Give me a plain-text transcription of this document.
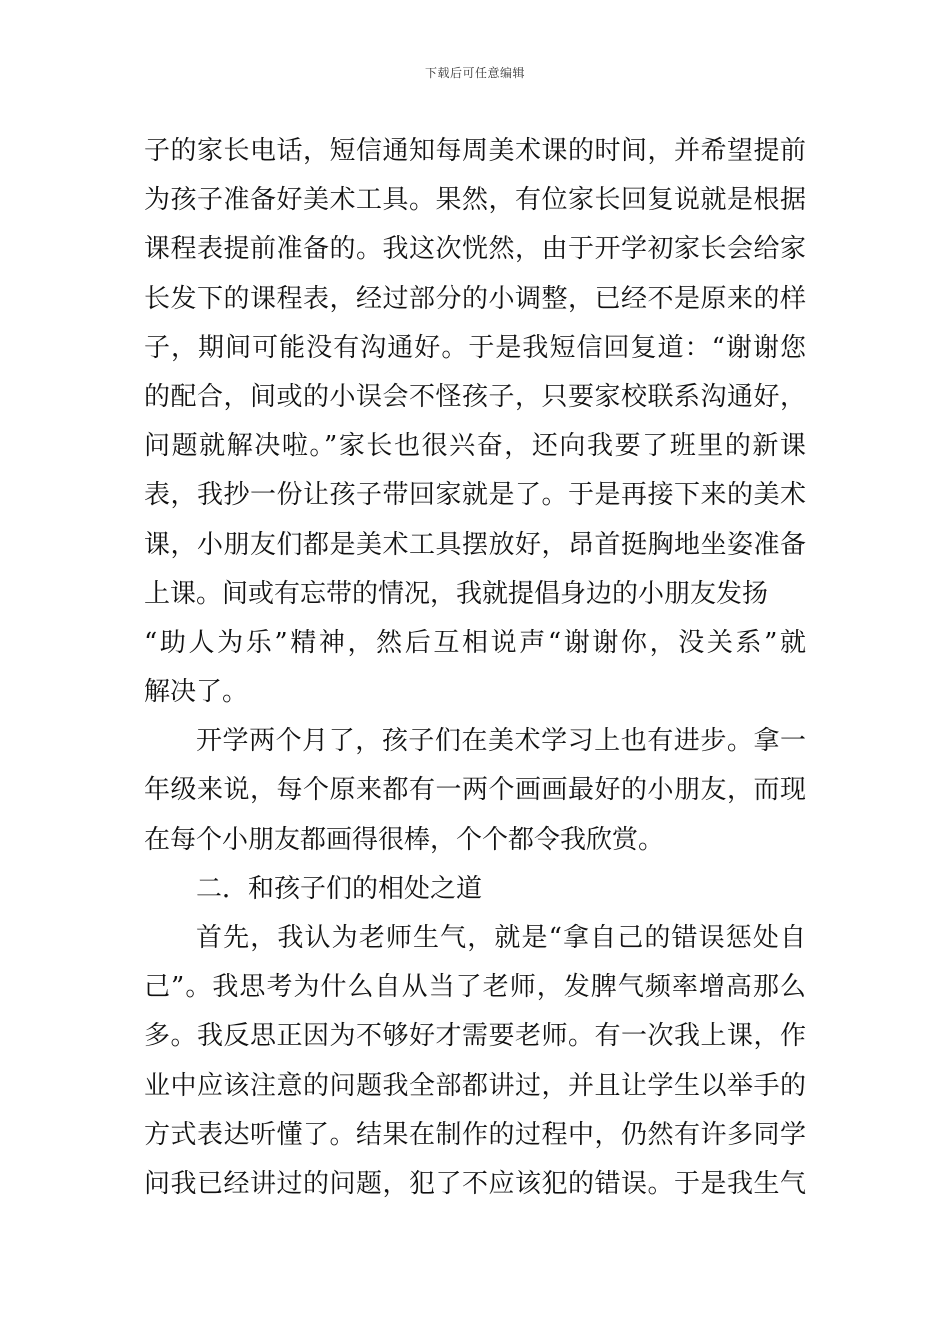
下载后可任意编辑
子的家长电话，短信通知每周美术课的时间，并希望提前
为孩子准备好美术工具。果然，有位家长回复说就是根据
课程表提前准备的。我这次恍然，由于开学初家长会给家
长发下的课程表，经过部分的小调整，已经不是原来的样
子，期间可能没有沟通好。于是我短信回复道：“谢谢您
的配合，间或的小误会不怪孩子，只要家校联系沟通好，
问题就解决啦。”家长也很兴奋，还向我要了班里的新课
表，我抄一份让孩子带回家就是了。于是再接下来的美术
课，小朋友们都是美术工具摆放好，昂首挺胸地坐姿准备
上课。间或有忘带的情况，我就提倡身边的小朋友发扬
“助人为乐”精神，然后互相说声“谢谢你，没关系”就
解决了。
开学两个月了，孩子们在美术学习上也有进步。拿一
年级来说，每个原来都有一两个画画最好的小朋友，而现
在每个小朋友都画得很棒，个个都令我欣赏。
二．和孩子们的相处之道
首先，我认为老师生气，就是“拿自己的错误惩处自
己”。我思考为什么自从当了老师，发脾气频率增高那么
多。我反思正因为不够好才需要老师。有一次我上课，作
业中应该注意的问题我全部都讲过，并且让学生以举手的
方式表达听懂了。结果在制作的过程中，仍然有许多同学
问我已经讲过的问题，犯了不应该犯的错误。于是我生气
